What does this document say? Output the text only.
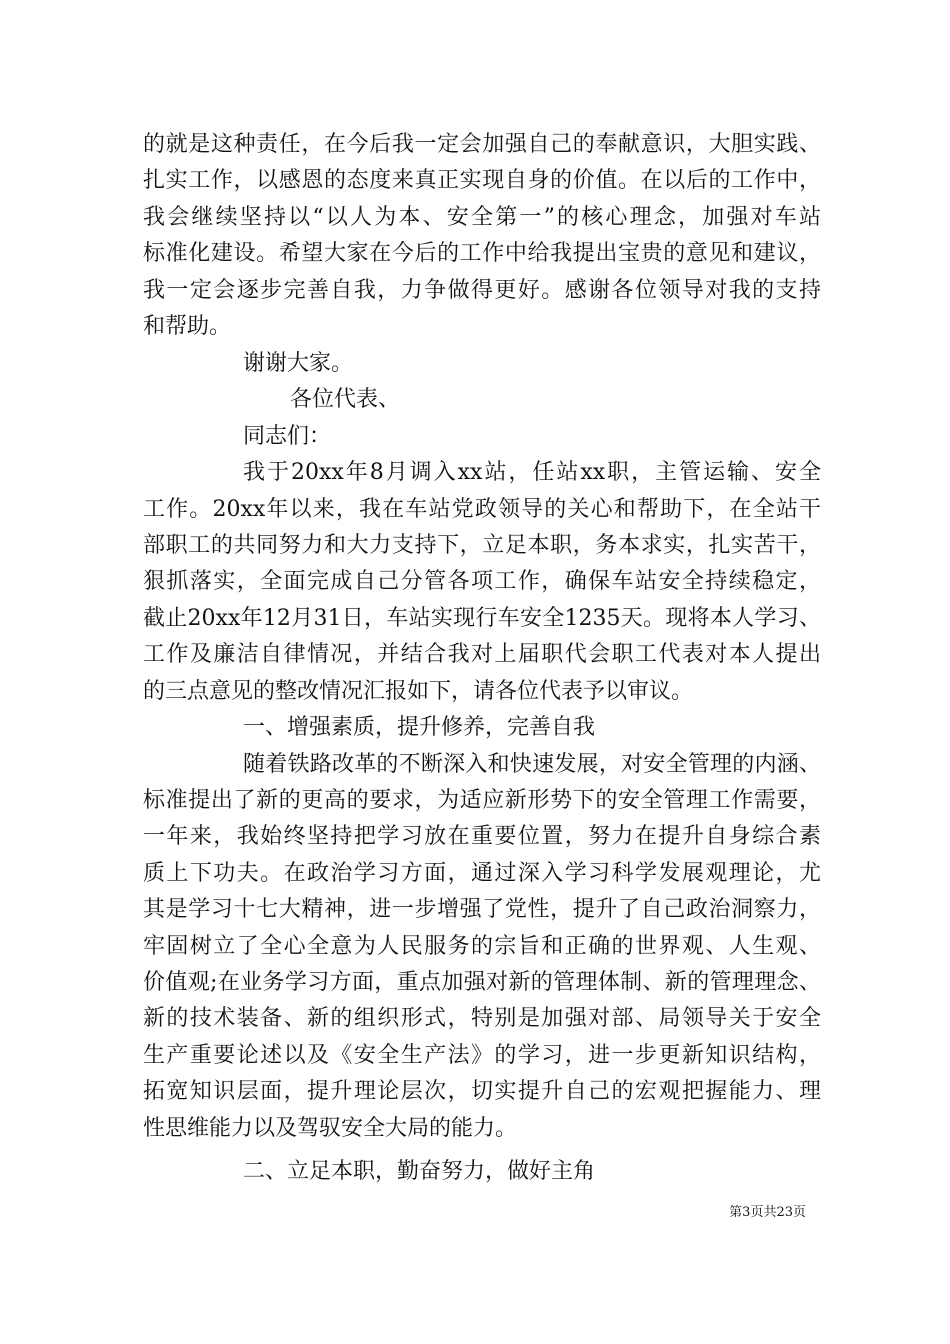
的就是这种责任，在今后我一定会加强自己的奉献意识，大胆实践、
扎实工作，以感恩的态度来真正实现自身的价值。在以后的工作中，
我会继续坚持以“以人为本、安全第一”的核心理念，加强对车站
标准化建设。希望大家在今后的工作中给我提出宝贵的意见和建议，
我一定会逐步完善自我，力争做得更好。感谢各位领导对我的支持
和帮助。
谢谢大家。
各位代表、
同志们：
我于20xx年8月调入xx站，任站xx职，主管运输、安全
工作。20xx年以来，我在车站党政领导的关心和帮助下，在全站干
部职工的共同努力和大力支持下，立足本职，务本求实，扎实苦干，
狠抓落实，全面完成自己分管各项工作，确保车站安全持续稳定，
截止20xx年12月31日，车站实现行车安全1235天。现将本人学习、
工作及廉洁自律情况，并结合我对上届职代会职工代表对本人提出
的三点意见的整改情况汇报如下，请各位代表予以审议。
一、增强素质，提升修养，完善自我
随着铁路改革的不断深入和快速发展，对安全管理的内涵、
标准提出了新的更高的要求，为适应新形势下的安全管理工作需要，
一年来，我始终坚持把学习放在重要位置，努力在提升自身综合素
质上下功夫。在政治学习方面，通过深入学习科学发展观理论，尤
其是学习十七大精神，进一步增强了党性，提升了自己政治洞察力，
牢固树立了全心全意为人民服务的宗旨和正确的世界观、人生观、
价值观;在业务学习方面，重点加强对新的管理体制、新的管理理念、
新的技术装备、新的组织形式，特别是加强对部、局领导关于安全
生产重要论述以及《安全生产法》的学习，进一步更新知识结构，
拓宽知识层面，提升理论层次，切实提升自己的宏观把握能力、理
性思维能力以及驾驭安全大局的能力。
二、立足本职，勤奋努力，做好主角
第3页共23页
